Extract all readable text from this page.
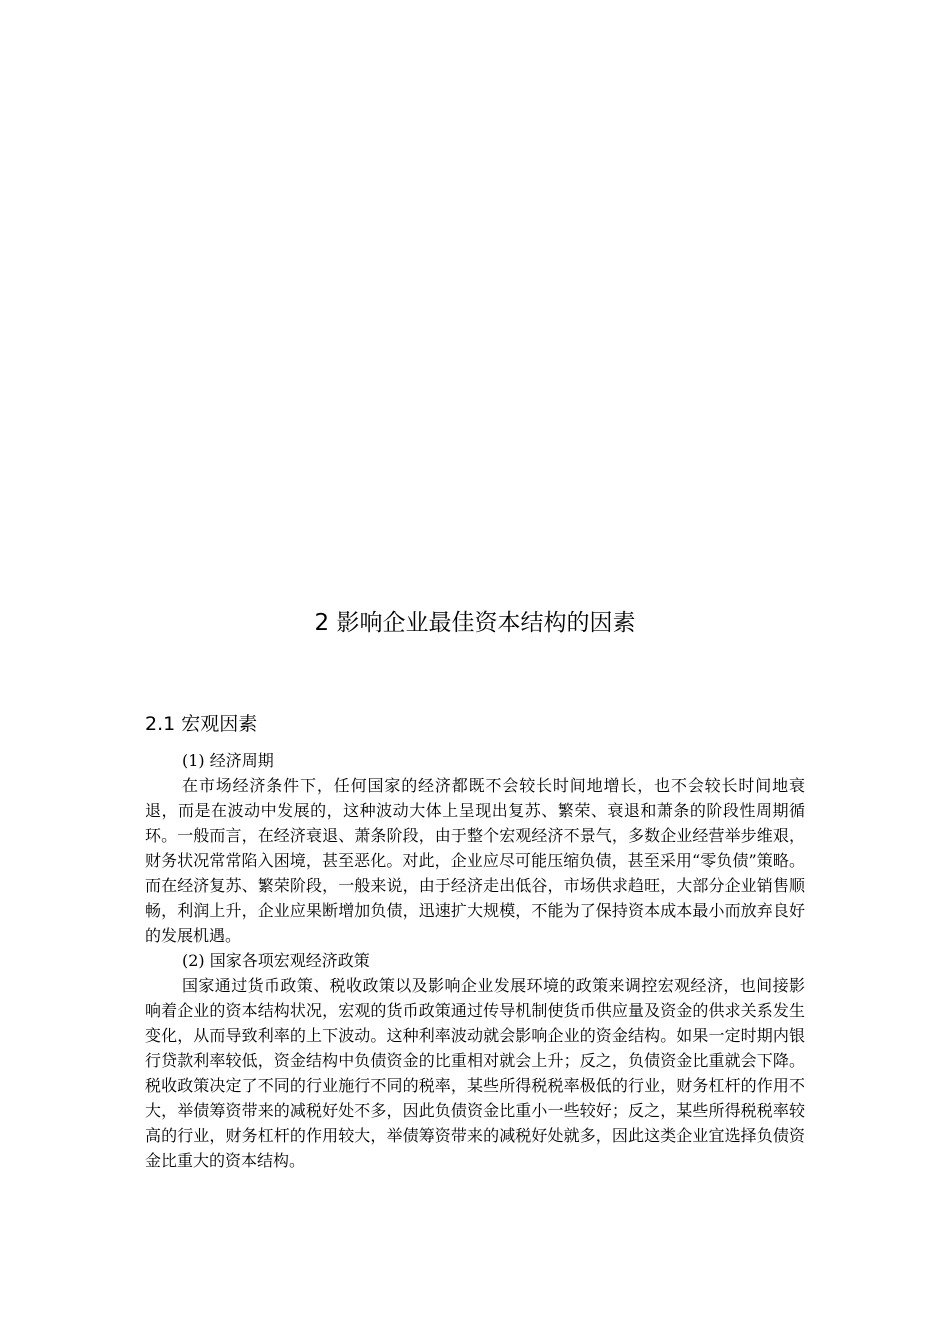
2 影响企业最佳资本结构的因素
2.1 宏观因素

(1) 经济周期

在市场经济条件下，任何国家的经济都既不会较长时间地增长，也不会较长时间地衰退，而是在波动中发展的，这种波动大体上呈现出复苏、繁荣、衰退和萧条的阶段性周期循环。一般而言，在经济衰退、萧条阶段，由于整个宏观经济不景气，多数企业经营举步维艰，财务状况常常陷入困境，甚至恶化。对此，企业应尽可能压缩负债，甚至采用“零负债”策略。而在经济复苏、繁荣阶段，一般来说，由于经济走出低谷，市场供求趋旺，大部分企业销售顺畅，利润上升，企业应果断增加负债，迅速扩大规模，不能为了保持资本成本最小而放弃良好的发展机遇。

(2) 国家各项宏观经济政策

国家通过货币政策、税收政策以及影响企业发展环境的政策来调控宏观经济，也间接影响着企业的资本结构状况，宏观的货币政策通过传导机制使货币供应量及资金的供求关系发生变化，从而导致利率的上下波动。这种利率波动就会影响企业的资金结构。如果一定时期内银行贷款利率较低，资金结构中负债资金的比重相对就会上升；反之，负债资金比重就会下降。税收政策决定了不同的行业施行不同的税率，某些所得税税率极低的行业，财务杠杆的作用不大，举债筹资带来的减税好处不多，因此负债资金比重小一些较好；反之，某些所得税税率较高的行业，财务杠杆的作用较大，举债筹资带来的减税好处就多，因此这类企业宜选择负债资金比重大的资本结构。
